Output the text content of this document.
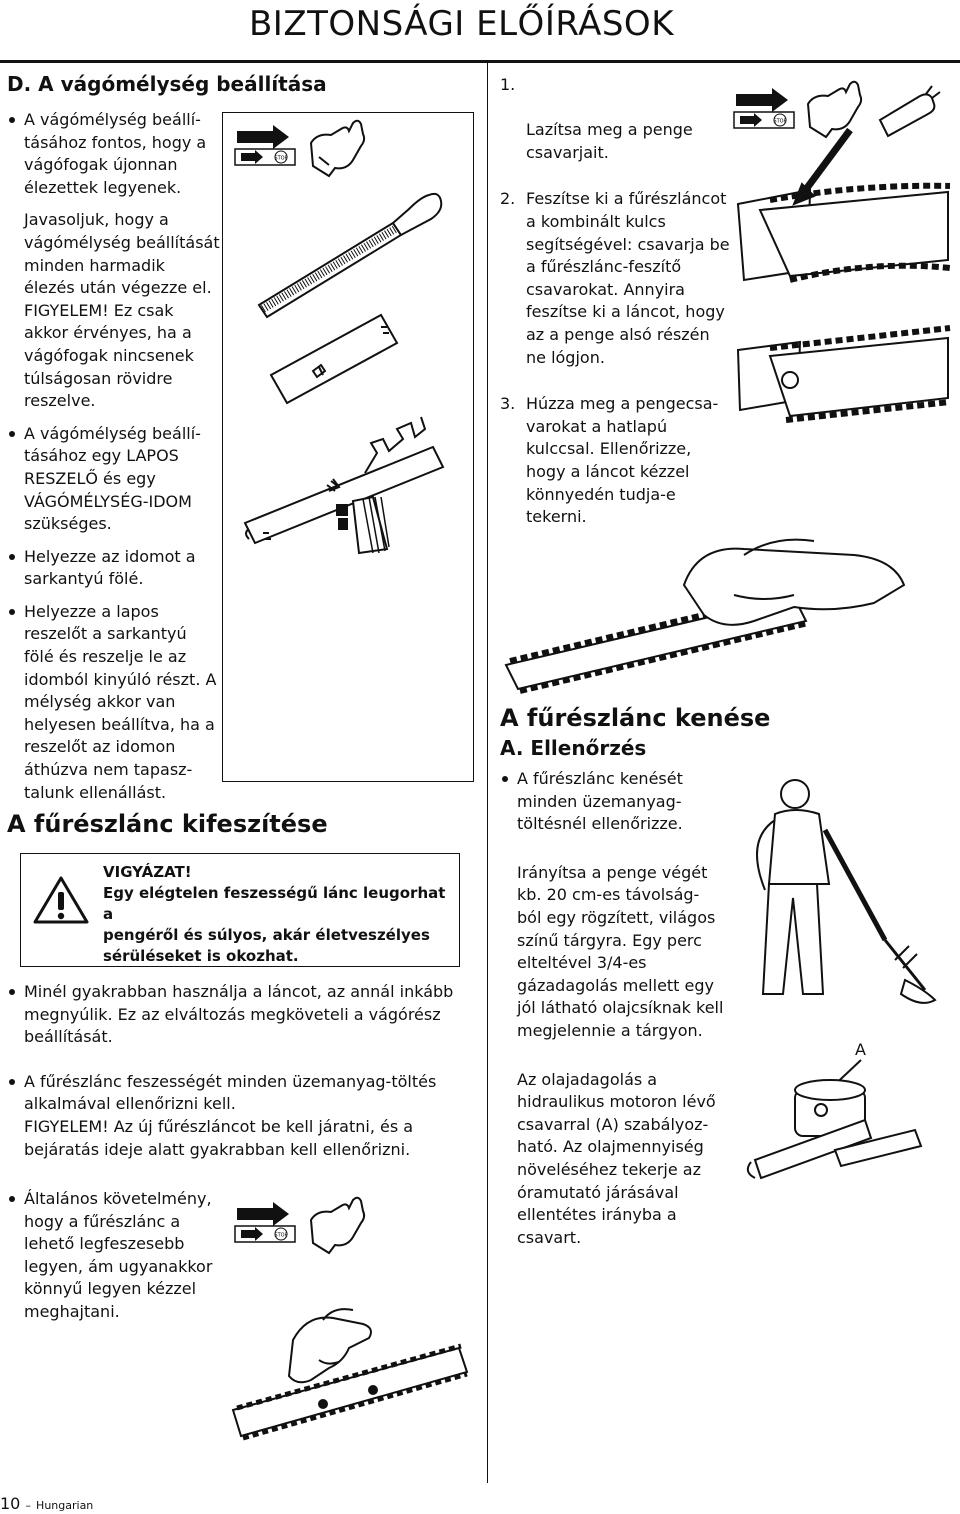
BIZTONSÁGI ELŐÍRÁSOK
D. A vágómélység beállítása
A vágómélység beállí-
tásához fontos, hogy a
vágófogak újonnan
élezettek legyenek.
Javasoljuk, hogy a
vágómélység beállítását
minden harmadik
élezés után végezze el.
FIGYELEM! Ez csak
akkor érvényes, ha a
vágófogak nincsenek
túlságosan rövidre
reszelve.
A vágómélység beállí-
tásához egy LAPOS
RESZELŐ és egy
VÁGÓMÉLYSÉG-IDOM
szükséges.
Helyezze az idomot a
sarkantyú fölé.
Helyezze a lapos
reszelőt a sarkantyú
fölé és reszelje le az
idomból kinyúló részt. A
mélység akkor van
helyesen beállítva, ha a
reszelőt az idomon
áthúzva nem tapasz-
talunk ellenállást.
STOP
A fűrészlánc kifeszítése
VIGYÁZAT!
Egy elégtelen feszességű lánc leugorhat a
pengéről és súlyos, akár életveszélyes
sérüléseket is okozhat.
Minél gyakrabban használja a láncot, az annál inkább
megnyúlik. Ez az elváltozás megköveteli a vágórész
beállítását.
A fűrészlánc feszességét minden üzemanyag-töltés
alkalmával ellenőrizni kell.
FIGYELEM! Az új fűrészláncot be kell járatni, és a
bejáratás ideje alatt gyakrabban kell ellenőrizni.
Általános követelmény,
hogy a fűrészlánc a
lehető legfeszesebb
legyen, ám ugyanakkor
könnyű legyen kézzel
meghajtani.
STOP

1.

Lazítsa meg a penge
csavarjait.

2. Feszítse ki a fűrészláncot
a kombinált kulcs
segítségével: csavarja be
a fűrészlánc-feszítő
csavarokat. Annyira
feszítse ki a láncot, hogy
az a penge alsó részén
ne lógjon.
3. Húzza meg a pengecsa-
varokat a hatlapú
kulccsal. Ellenőrizze,
hogy a láncot kézzel
könnyedén tudja-e
tekerni.
STOP
A fűrészlánc kenése
A. Ellenőrzés
A fűrészlánc kenését
minden üzemanyag-
töltésnél ellenőrizze.
Irányítsa a penge végét
kb. 20 cm-es távolság-
ból egy rögzített, világos
színű tárgyra. Egy perc
elteltével 3/4-es
gázadagolás mellett egy
jól látható olajcsíknak kell
megjelennie a tárgyon.
Az olajadagolás a
hidraulikus motoron lévő
csavarral (A) szabályoz-
ható. Az olajmennyiség
növeléséhez tekerje az
óramutató járásával
ellentétes irányba a
csavart.
A
10 – Hungarian
